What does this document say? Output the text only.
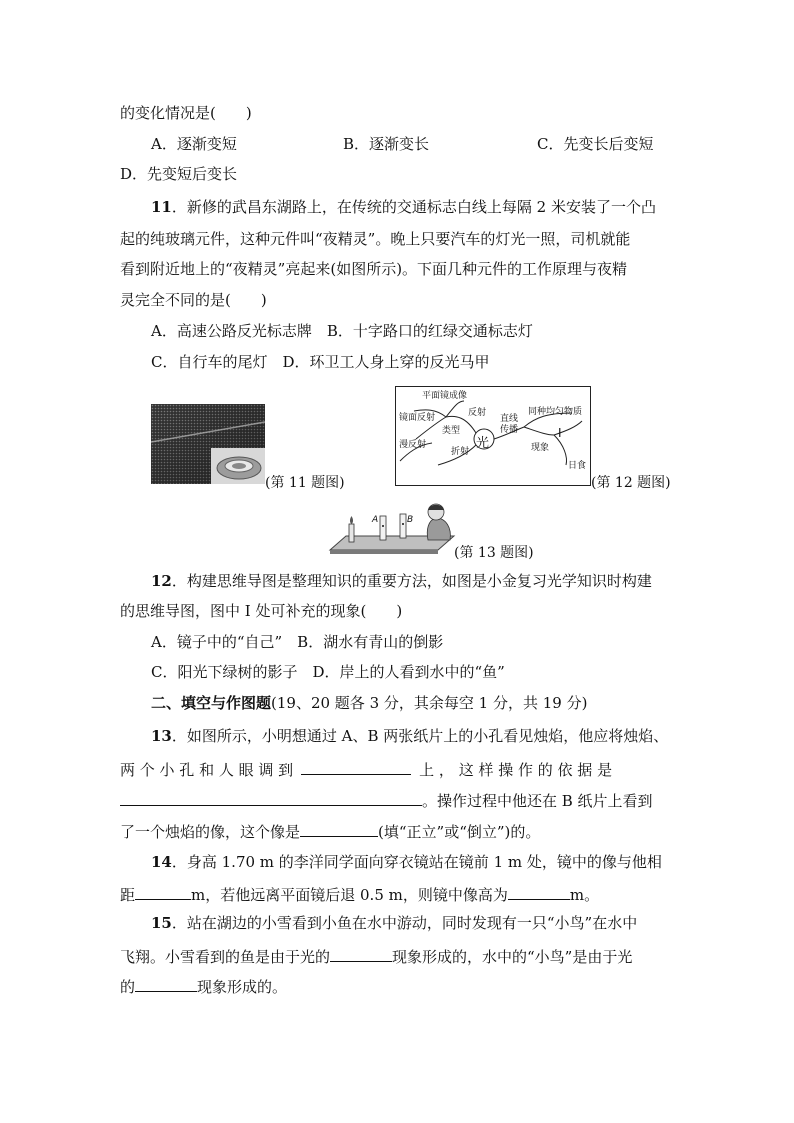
的变化情况是(　　)
A．逐渐变短	B．逐渐变长	C．先变长后变短
D．先变短后变长
11．新修的武昌东湖路上，在传统的交通标志白线上每隔 2 米安装了一个凸
起的纯玻璃元件，这种元件叫“夜精灵”。晚上只要汽车的灯光一照，司机就能
看到附近地上的“夜精灵”亮起来(如图所示)。下面几种元件的工作原理与夜精
灵完全不同的是(　　)
A．高速公路反光标志牌　B．十字路口的红绿交通标志灯
C．自行车的尾灯　D．环卫工人身上穿的反光马甲
(第 11 题图)
平面镜成像
镜面反射	反射
类型
漫反射	光
折射
直线
传播
同种均匀物质
I
现象
日食
(第 12 题图)
A	B
(第 13 题图)
12．构建思维导图是整理知识的重要方法，如图是小金复习光学知识时构建
的思维导图，图中 I 处可补充的现象(　　)
A．镜子中的“自己”　B．湖水有青山的倒影
C．阳光下绿树的影子　D．岸上的人看到水中的“鱼”
二、填空与作图题(19、20 题各 3 分，其余每空 1 分，共 19 分)
13．如图所示，小明想通过 A、B 两张纸片上的小孔看见烛焰，他应将烛焰、
两 个 小 孔 和 人 眼 调 到	上 ， 这 样 操 作 的 依 据 是
。操作过程中他还在 B 纸片上看到
了一个烛焰的像，这个像是	(填“正立”或“倒立”)的。
14．身高 1.70 m 的李洋同学面向穿衣镜站在镜前 1 m 处，镜中的像与他相
距	m，若他远离平面镜后退 0.5 m，则镜中像高为	m。
15．站在湖边的小雪看到小鱼在水中游动，同时发现有一只“小鸟”在水中
飞翔。小雪看到的鱼是由于光的	现象形成的，水中的“小鸟”是由于光
的	现象形成的。
